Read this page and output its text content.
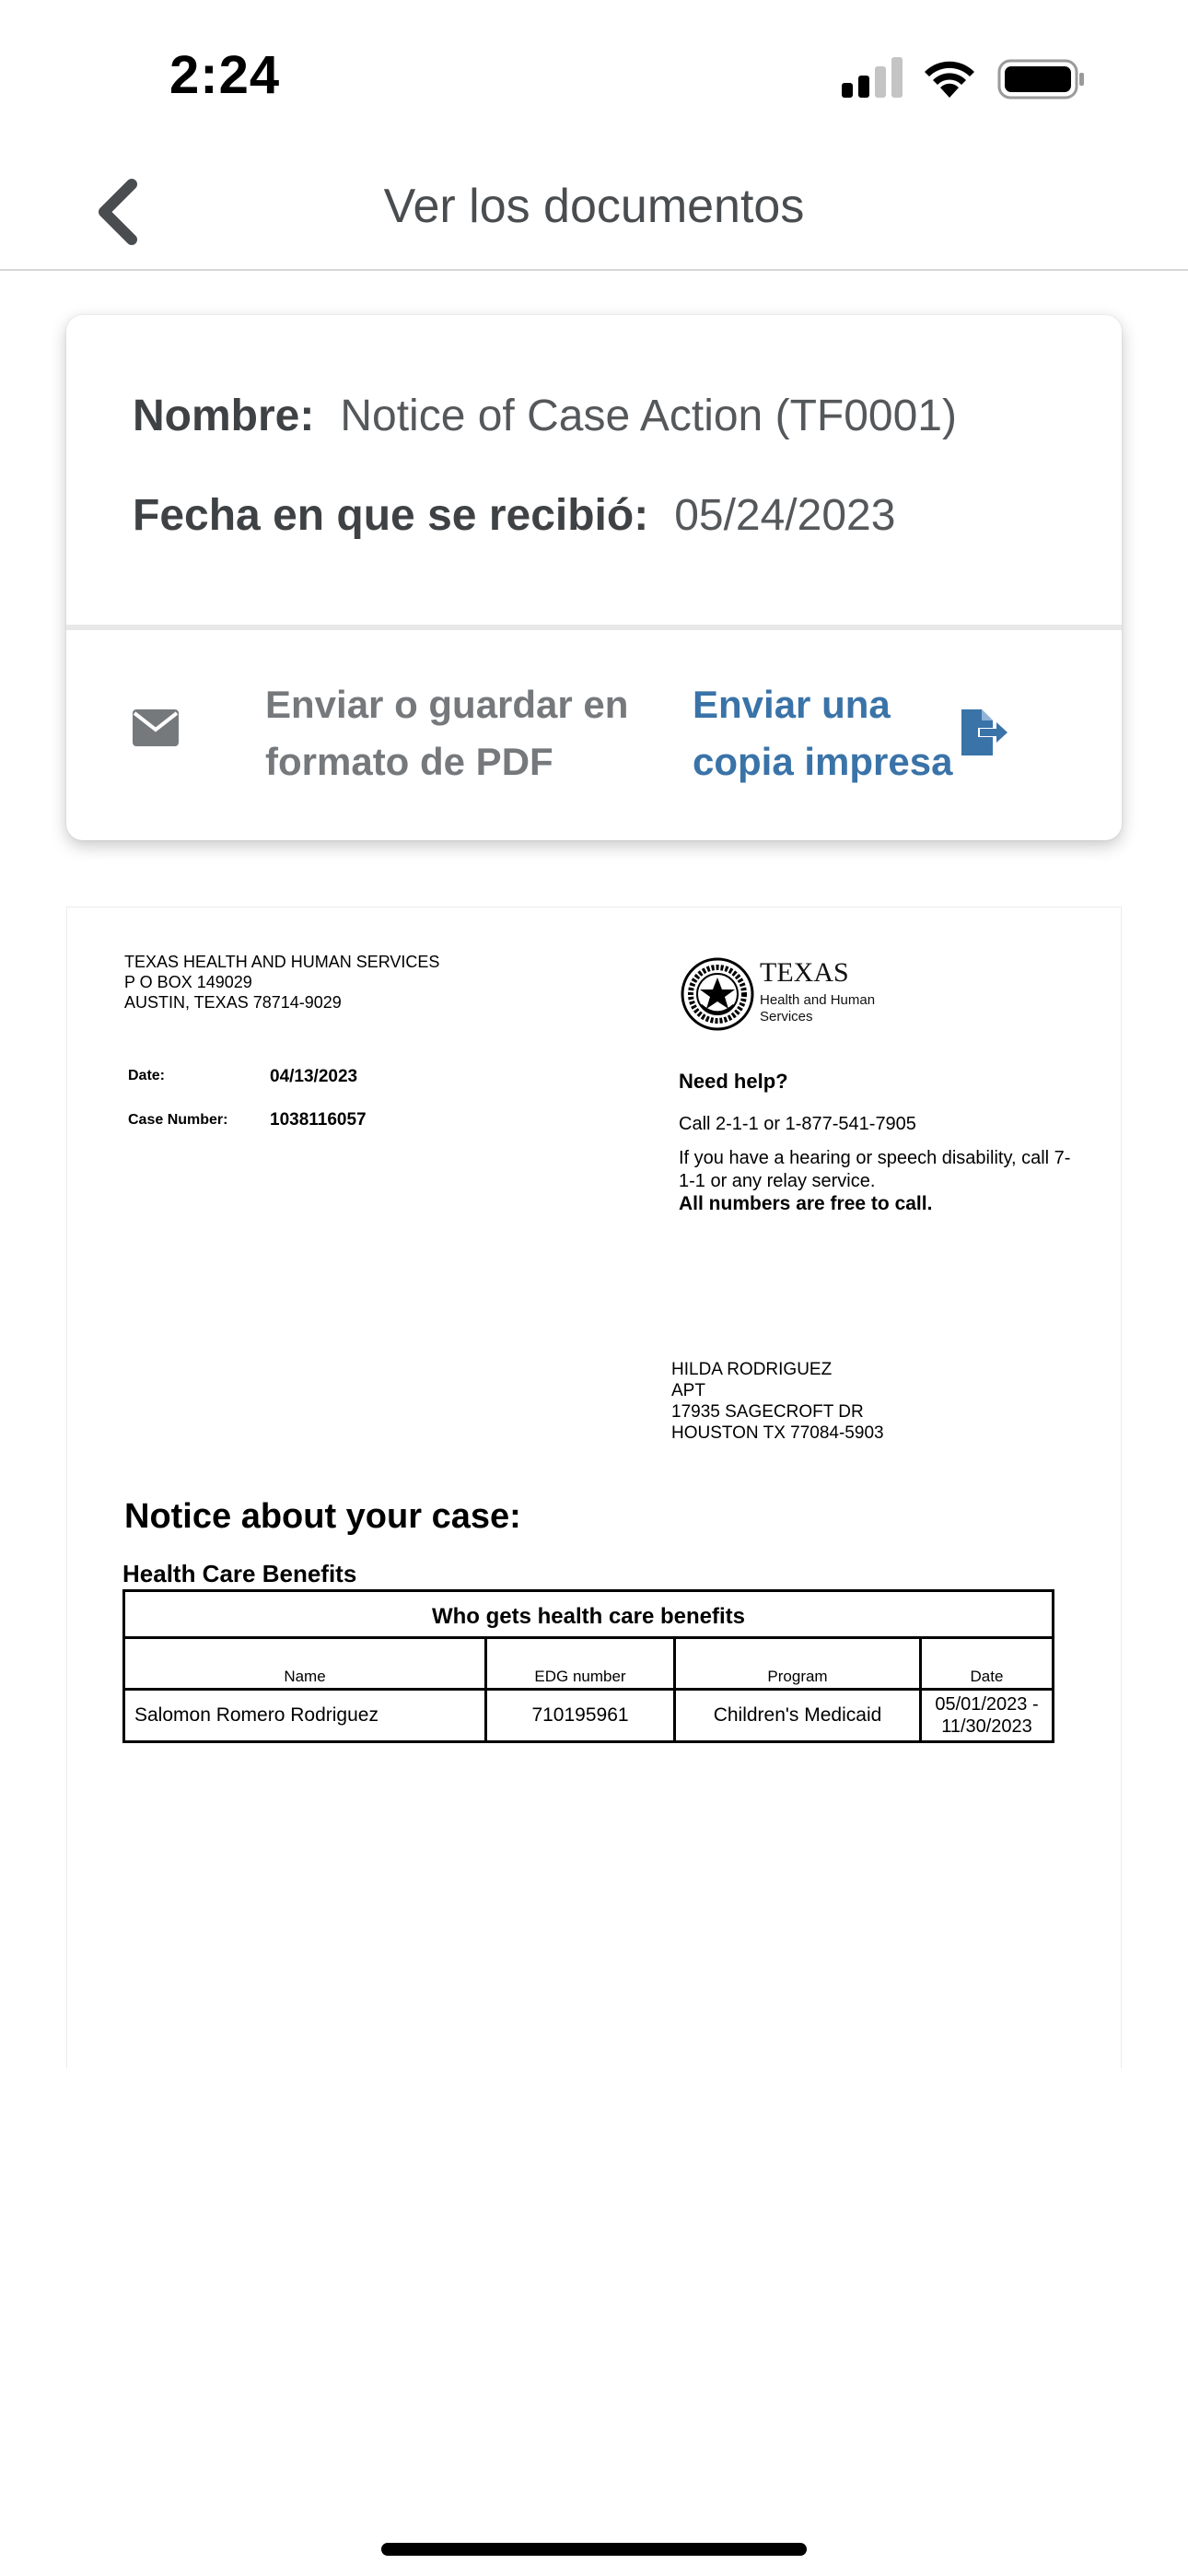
2:24
Ver los documentos
Nombre: Notice of Case Action (TF0001)
Fecha en que se recibió: 05/24/2023
Enviar o guardar en formato de PDF
Enviar una copia impresa
TEXAS HEALTH AND HUMAN SERVICES
P O BOX 149029
AUSTIN, TEXAS 78714-9029
TEXAS
Health and Human Services
Date:	04/13/2023
Case Number: 1038116057
Need help?
Call 2-1-1 or 1-877-541-7905
If you have a hearing or speech disability, call 7-1-1 or any relay service.
All numbers are free to call.
HILDA RODRIGUEZ
APT
17935 SAGECROFT DR
HOUSTON TX 77084-5903
Notice about your case:
Health Care Benefits
Who gets health care benefits			
Name	EDG number	Program	Date
Salomon Romero Rodriguez	710195961	Children's Medicaid	05/01/2023 - 11/30/2023
